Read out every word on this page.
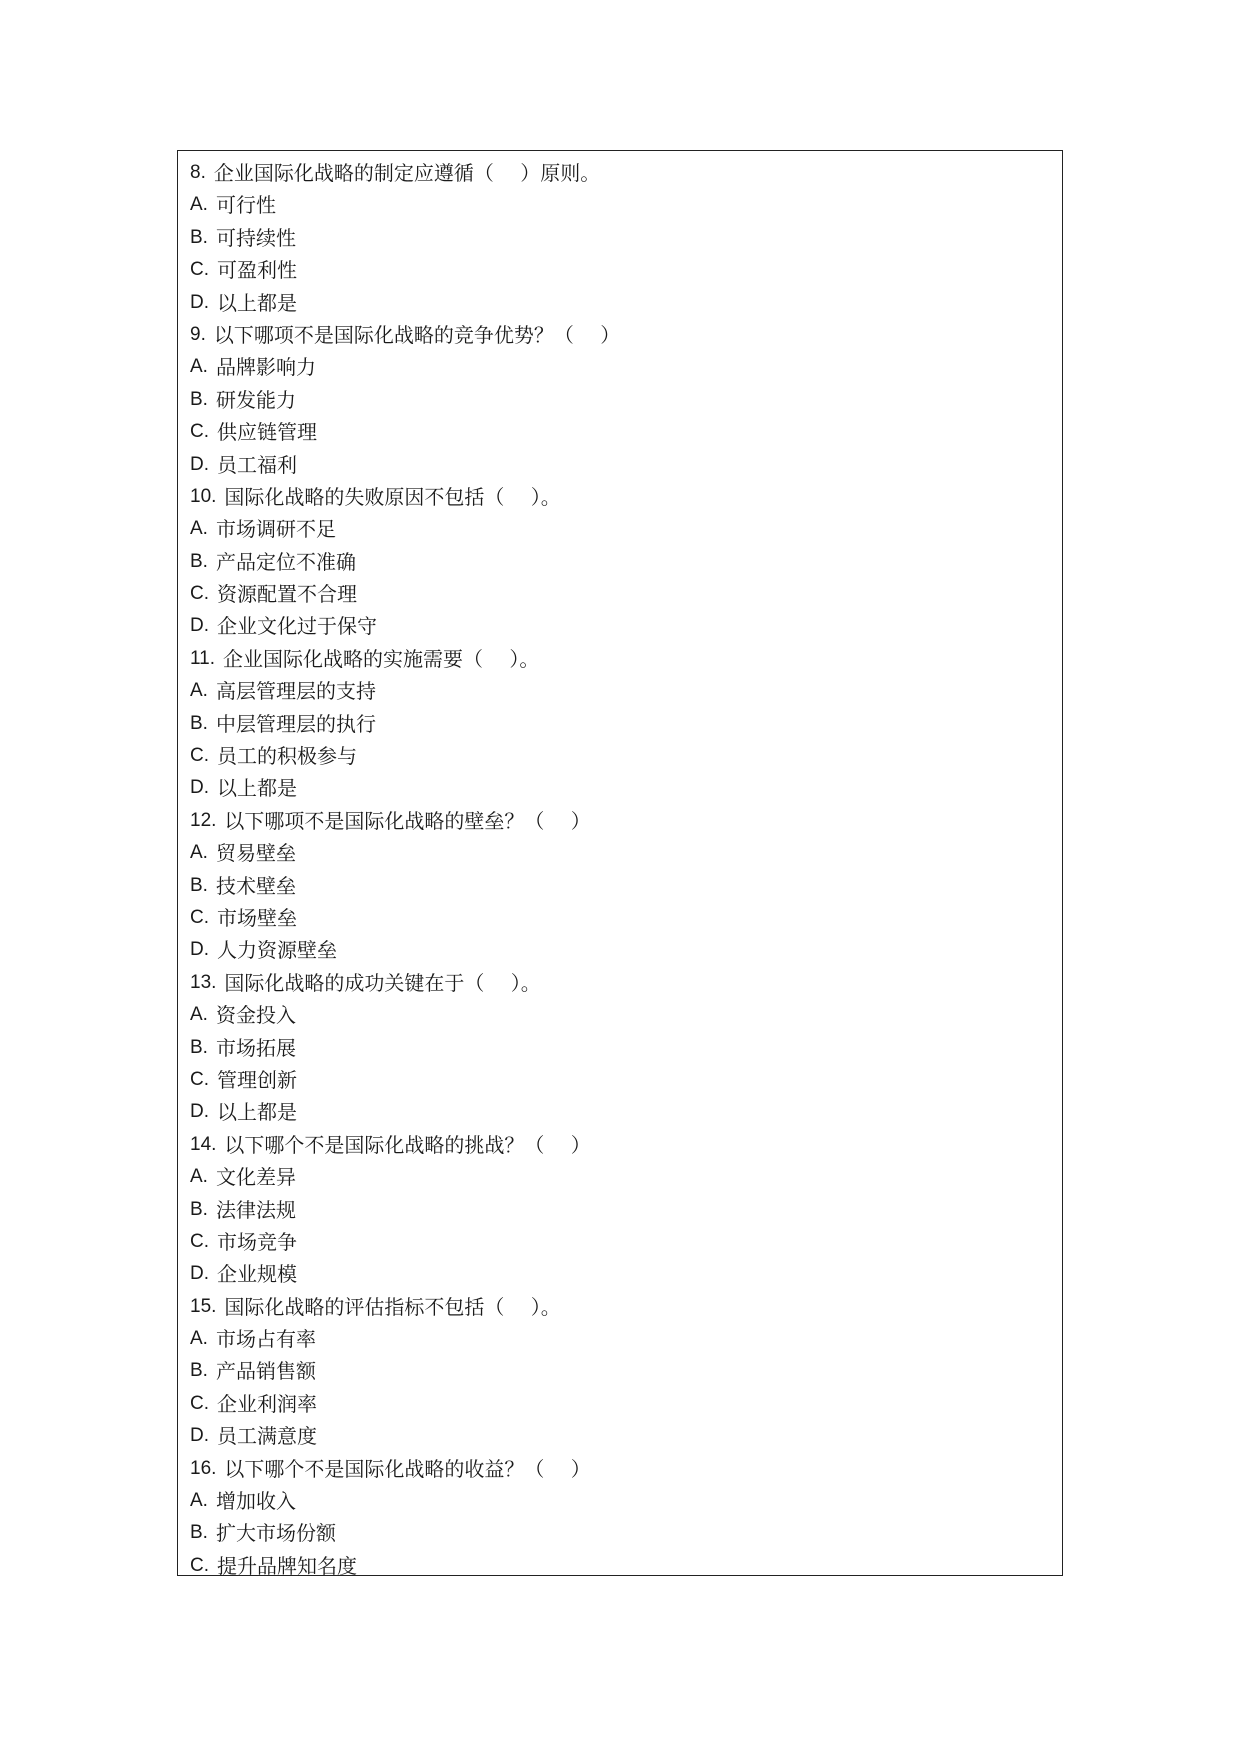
8. 企业国际化战略的制定应遵循（　 ）原则。
A. 可行性
B. 可持续性
C. 可盈利性
D. 以上都是
9. 以下哪项不是国际化战略的竞争优势？（　 ）
A. 品牌影响力
B. 研发能力
C. 供应链管理
D. 员工福利
10. 国际化战略的失败原因不包括（　 ）。
A. 市场调研不足
B. 产品定位不准确
C. 资源配置不合理
D. 企业文化过于保守
11. 企业国际化战略的实施需要（　 ）。
A. 高层管理层的支持
B. 中层管理层的执行
C. 员工的积极参与
D. 以上都是
12. 以下哪项不是国际化战略的壁垒？（　 ）
A. 贸易壁垒
B. 技术壁垒
C. 市场壁垒
D. 人力资源壁垒
13. 国际化战略的成功关键在于（　 ）。
A. 资金投入
B. 市场拓展
C. 管理创新
D. 以上都是
14. 以下哪个不是国际化战略的挑战？（　 ）
A. 文化差异
B. 法律法规
C. 市场竞争
D. 企业规模
15. 国际化战略的评估指标不包括（　 ）。
A. 市场占有率
B. 产品销售额
C. 企业利润率
D. 员工满意度
16. 以下哪个不是国际化战略的收益？（　 ）
A. 增加收入
B. 扩大市场份额
C. 提升品牌知名度
